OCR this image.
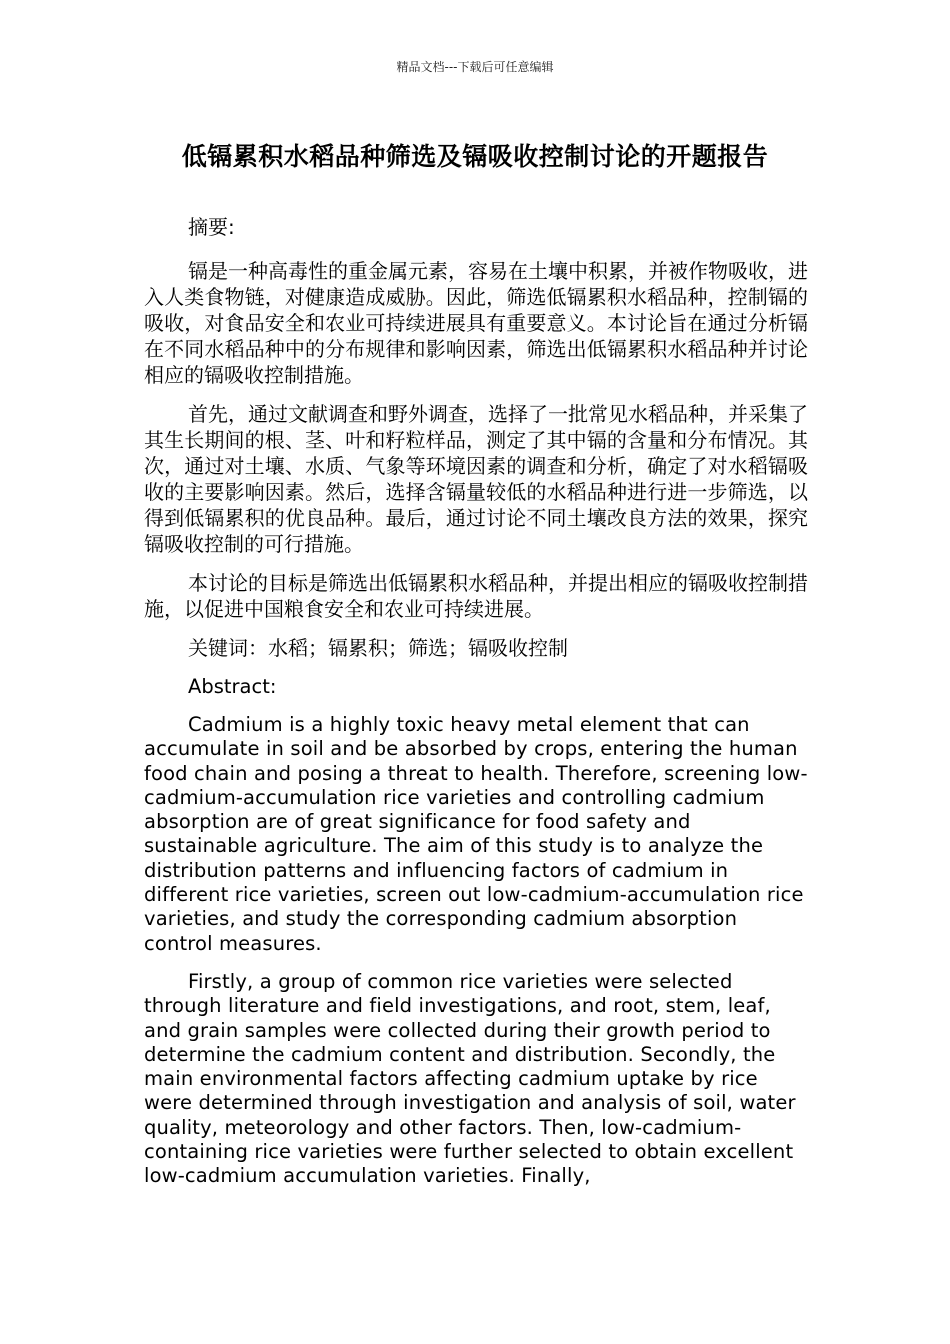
精品文档---下载后可任意编辑
低镉累积水稻品种筛选及镉吸收控制讨论的开题报告

摘要:

镉是一种高毒性的重金属元素，容易在土壤中积累，并被作物吸收，进入人类食物链，对健康造成威胁。因此，筛选低镉累积水稻品种，控制镉的吸收，对食品安全和农业可持续进展具有重要意义。本讨论旨在通过分析镉在不同水稻品种中的分布规律和影响因素，筛选出低镉累积水稻品种并讨论相应的镉吸收控制措施。

首先，通过文献调查和野外调查，选择了一批常见水稻品种，并采集了其生长期间的根、茎、叶和籽粒样品，测定了其中镉的含量和分布情况。其次，通过对土壤、水质、气象等环境因素的调查和分析，确定了对水稻镉吸收的主要影响因素。然后，选择含镉量较低的水稻品种进行进一步筛选，以得到低镉累积的优良品种。最后，通过讨论不同土壤改良方法的效果，探究镉吸收控制的可行措施。

本讨论的目标是筛选出低镉累积水稻品种，并提出相应的镉吸收控制措施，以促进中国粮食安全和农业可持续进展。

关键词：水稻；镉累积；筛选；镉吸收控制

Abstract:

Cadmium is a highly toxic heavy metal element that can accumulate in soil and be absorbed by crops, entering the human food chain and posing a threat to health. Therefore, screening low-cadmium-accumulation rice varieties and controlling cadmium absorption are of great significance for food safety and sustainable agriculture. The aim of this study is to analyze the distribution patterns and influencing factors of cadmium in different rice varieties, screen out low-cadmium-accumulation rice varieties, and study the corresponding cadmium absorption control measures.

Firstly, a group of common rice varieties were selected through literature and field investigations, and root, stem, leaf, and grain samples were collected during their growth period to determine the cadmium content and distribution. Secondly, the main environmental factors affecting cadmium uptake by rice were determined through investigation and analysis of soil, water quality, meteorology and other factors. Then, low-cadmium-containing rice varieties were further selected to obtain excellent low-cadmium accumulation varieties. Finally,
